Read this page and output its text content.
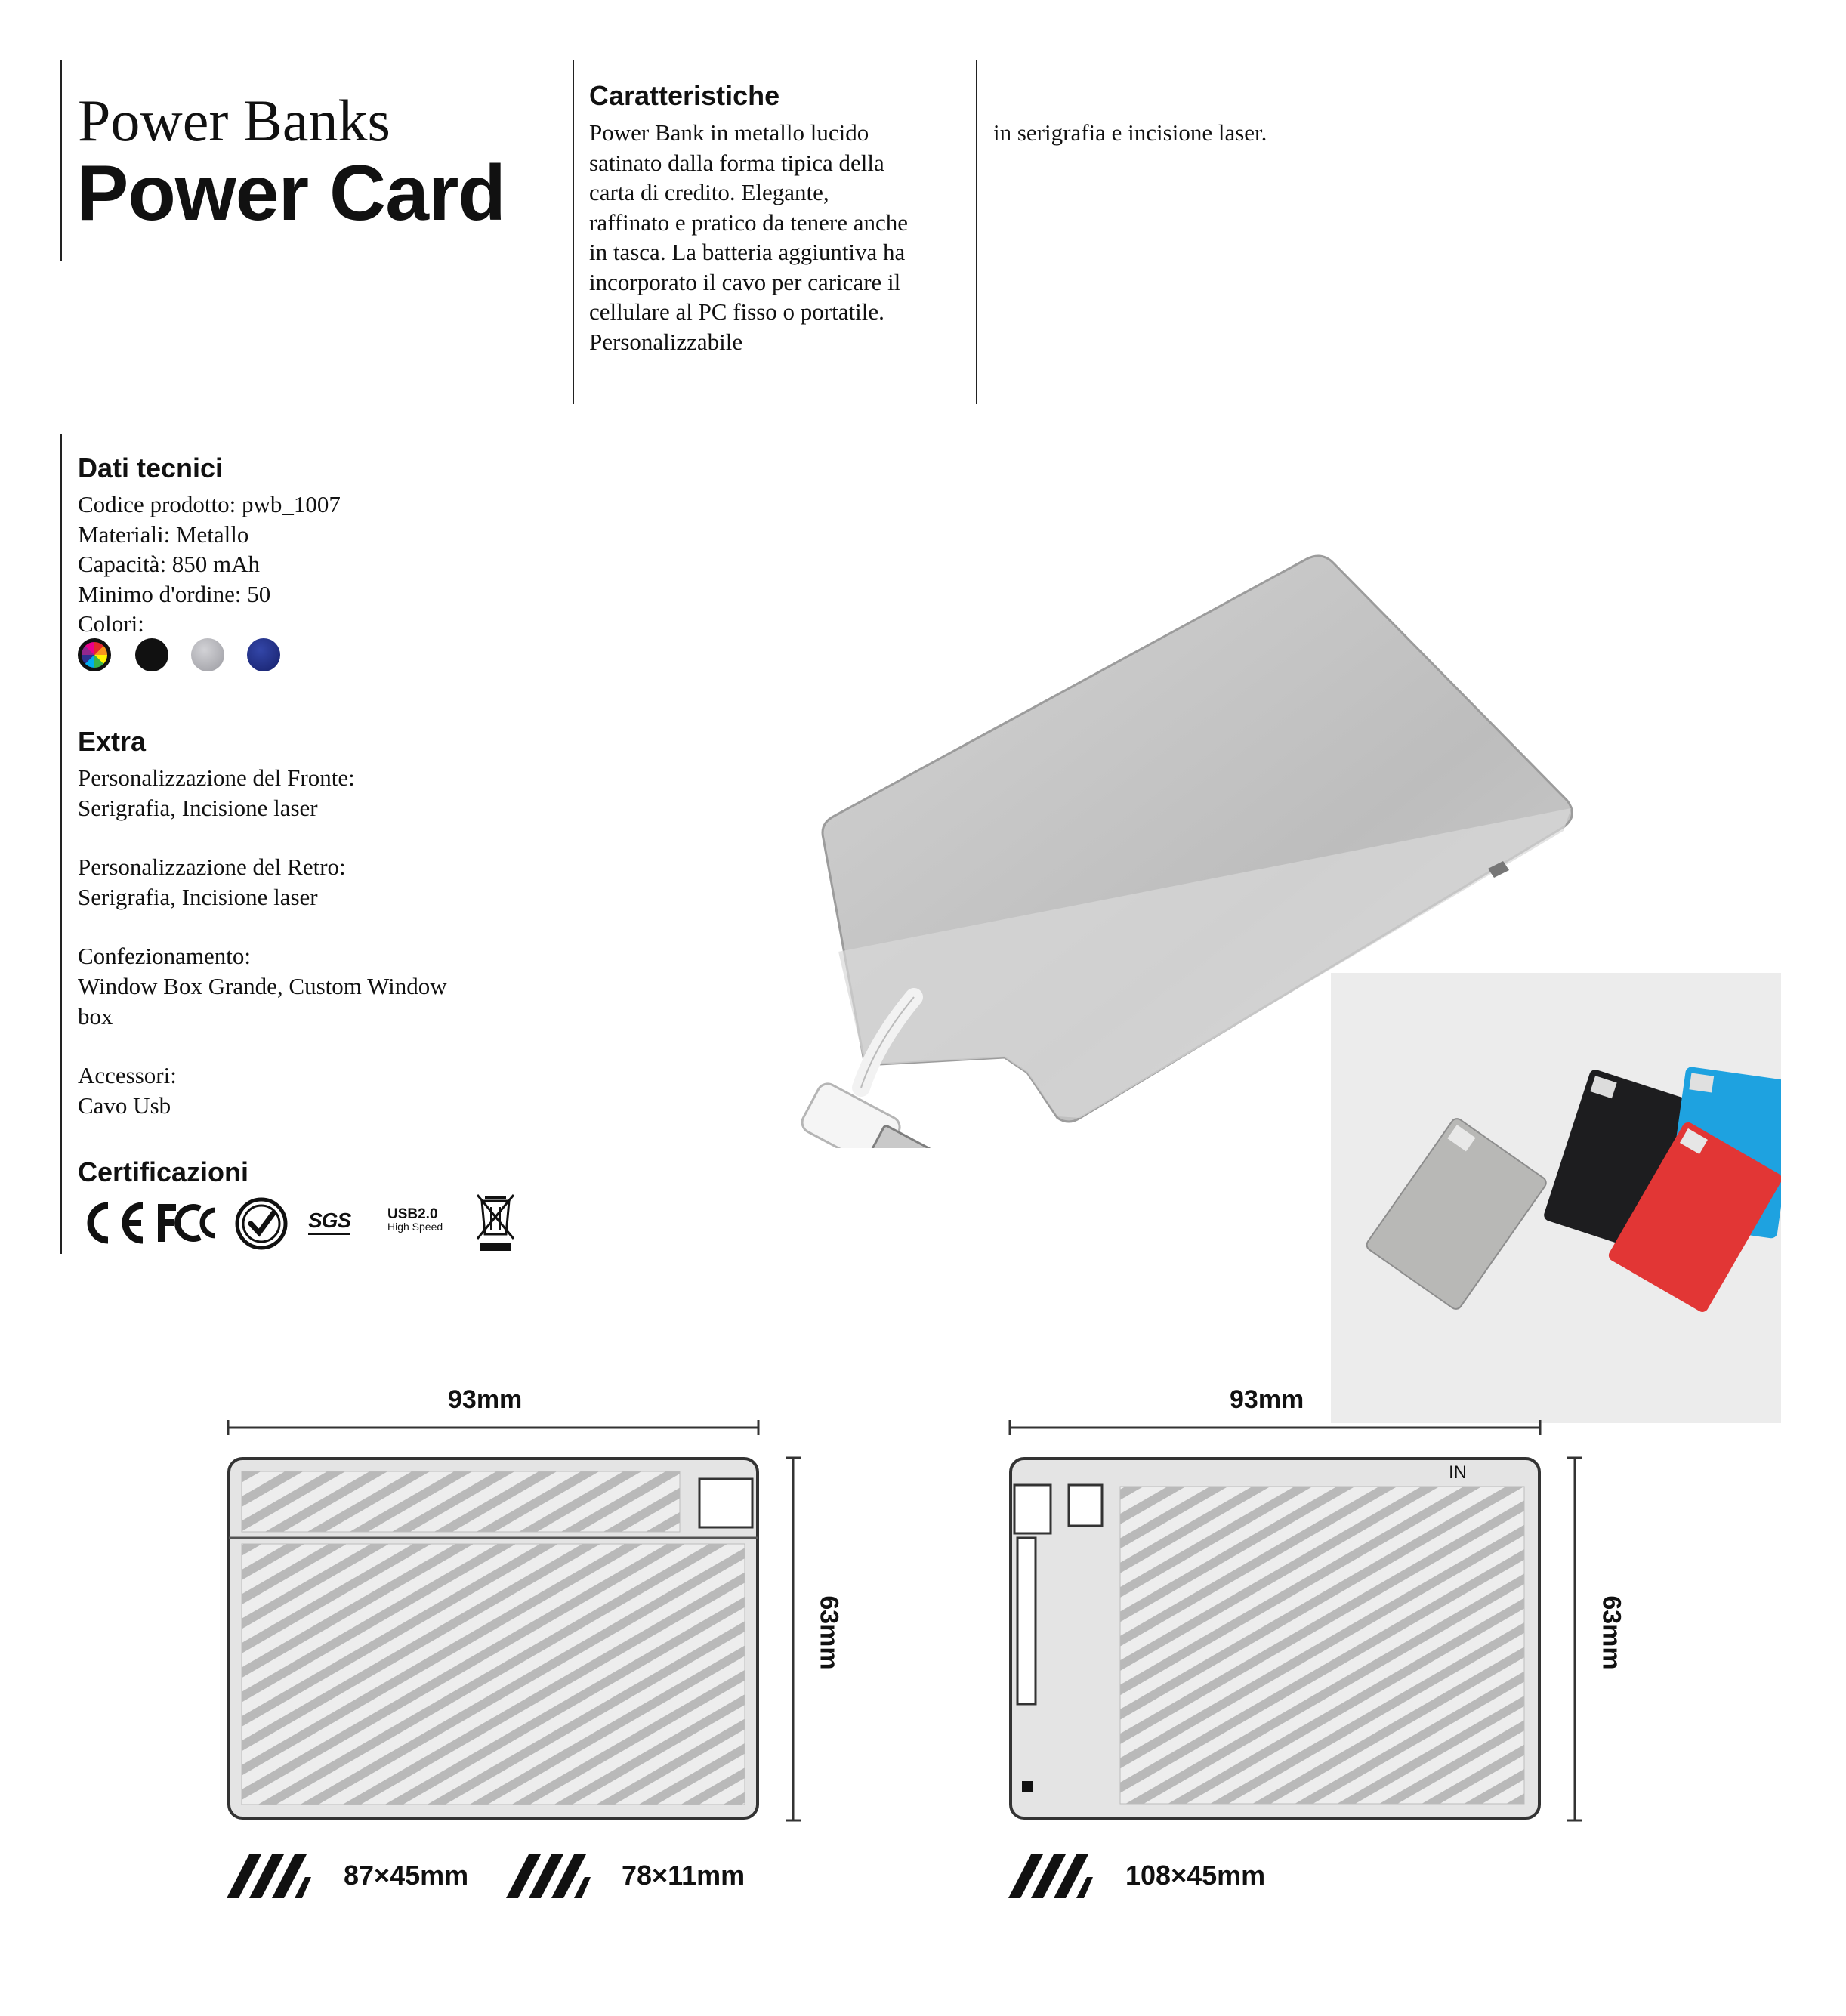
Power Banks
Power Card
Caratteristiche
Power Bank in metallo lucido
satinato dalla forma tipica della
carta di credito. Elegante,
raffinato e pratico da tenere anche
in tasca. La batteria aggiuntiva ha
incorporato il cavo per caricare il
cellulare al PC fisso o portatile.
Personalizzabile
in serigrafia e incisione laser.
Dati tecnici
Codice prodotto: pwb_1007
Materiali: Metallo
Capacità: 850 mAh
Minimo d'ordine: 50
Colori:
Extra
Personalizzazione del Fronte:
Serigrafia, Incisione laser
Personalizzazione del Retro:
Serigrafia, Incisione laser
Confezionamento:
Window Box Grande, Custom Window
box
Accessori:
Cavo Usb
Certificazioni
SGS	USB2.0
High Speed
93mm
63mm
93mm
IN
63mm
87×45mm	78×11mm	108×45mm
